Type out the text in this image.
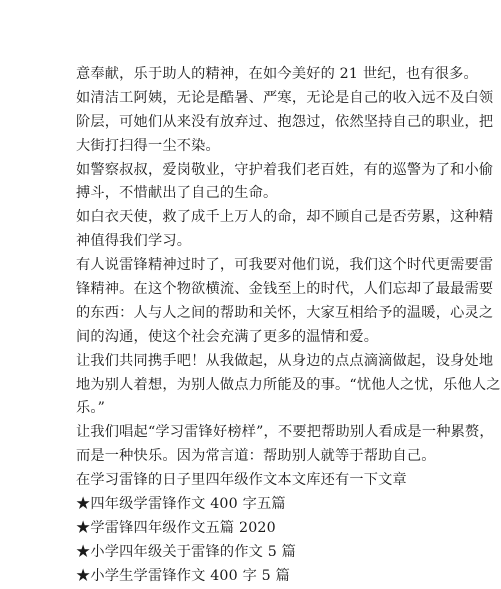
意奉献，乐于助人的精神，在如今美好的 21 世纪，也有很多。
如清洁工阿姨，无论是酷暑、严寒，无论是自己的收入远不及白领
阶层，可她们从来没有放弃过、抱怨过，依然坚持自己的职业，把
大街打扫得一尘不染。
如警察叔叔，爱岗敬业，守护着我们老百姓，有的巡警为了和小偷
搏斗，不惜献出了自己的生命。
如白衣天使，救了成千上万人的命，却不顾自己是否劳累，这种精
神值得我们学习。
有人说雷锋精神过时了，可我要对他们说，我们这个时代更需要雷
锋精神。在这个物欲横流、金钱至上的时代，人们忘却了最最需要
的东西：人与人之间的帮助和关怀，大家互相给予的温暖，心灵之
间的沟通，使这个社会充满了更多的温情和爱。
让我们共同携手吧！从我做起，从身边的点点滴滴做起，设身处地
地为别人着想，为别人做点力所能及的事。“忧他人之忧，乐他人之
乐。”
让我们唱起“学习雷锋好榜样”，不要把帮助别人看成是一种累赘，
而是一种快乐。因为常言道：帮助别人就等于帮助自己。
在学习雷锋的日子里四年级作文本文库还有一下文章
★四年级学雷锋作文 400 字五篇
★学雷锋四年级作文五篇 2020
★小学四年级关于雷锋的作文 5 篇
★小学生学雷锋作文 400 字 5 篇
